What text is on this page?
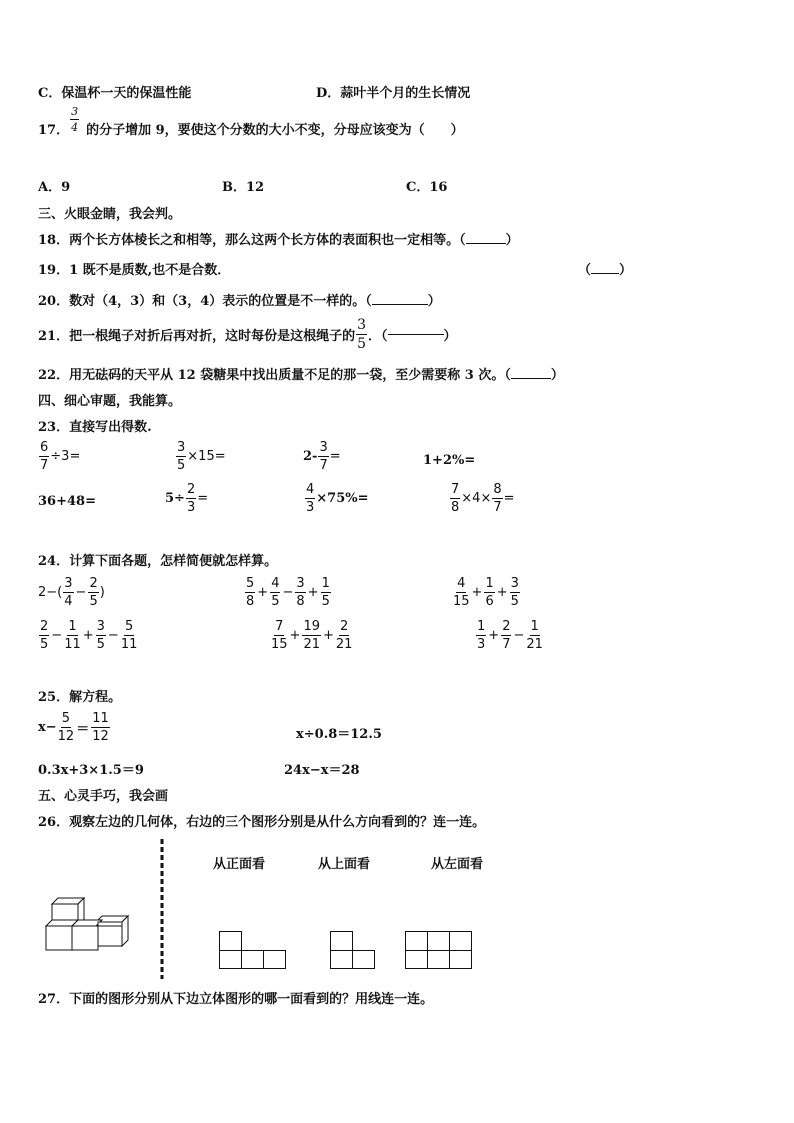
C．保温杯一天的保温性能	D．蒜叶半个月的生长情况
17． $\frac{3}{4}$ 的分子增加 9，要使这个分数的大小不变，分母应该变为（　　）
A．9	B．12	C．16
三、火眼金睛，我会判。
18．两个长方体棱长之和相等，那么这两个长方体的表面积也一定相等。（	）
19．1 既不是质数,也不是合数．	（ ）
20．数对（4，3）和（3，4）表示的位置是不一样的。（	）
21．把一根绳子对折后再对折，这时每份是这根绳子的 $\frac{3}{5}$ ．（	）
22．用无砝码的天平从 12 袋糖果中找出质量不足的那一袋，至少需要称 3 次。（	）
四、细心审题，我能算。
23．直接写出得数.
$\frac{6}{7} \div 3=$	$\frac{3}{5} \times 15=$	$2- \frac{3}{7}$ =	1+2%=
36+48=	$5\div \frac{2}{3}$ =	$\frac{4}{3} \times 75\%=$	$\frac{7}{8} \times 4\times \frac{8}{7}$ =
24．计算下面各题，怎样简便就怎样算。
$2-( \frac{3}{4} - \frac{2}{5}$ )	$\frac{5}{8} + \frac{4}{5} - \frac{3}{8} + \frac{1}{5}$	$\frac{4}{15} + \frac{1}{6} + \frac{3}{5}$
$\frac{2}{5} - \frac{1}{11} + \frac{3}{5} - \frac{5}{11}$	$\frac{7}{15} + \frac{19}{21} + \frac{2}{21}$	$\frac{1}{3} + \frac{2}{7} - \frac{1}{21}$
25．解方程。
$x- \frac{5}{12} = \frac{11}{12}$	x÷0.8＝12.5
0.3x+3×1.5＝9	24x−x＝28
五、心灵手巧，我会画
26．观察左边的几何体，右边的三个图形分别是从什么方向看到的？连一连。
从正面看	从上面看	从左面看
27．下面的图形分别从下边立体图形的哪一面看到的？用线连一连。
